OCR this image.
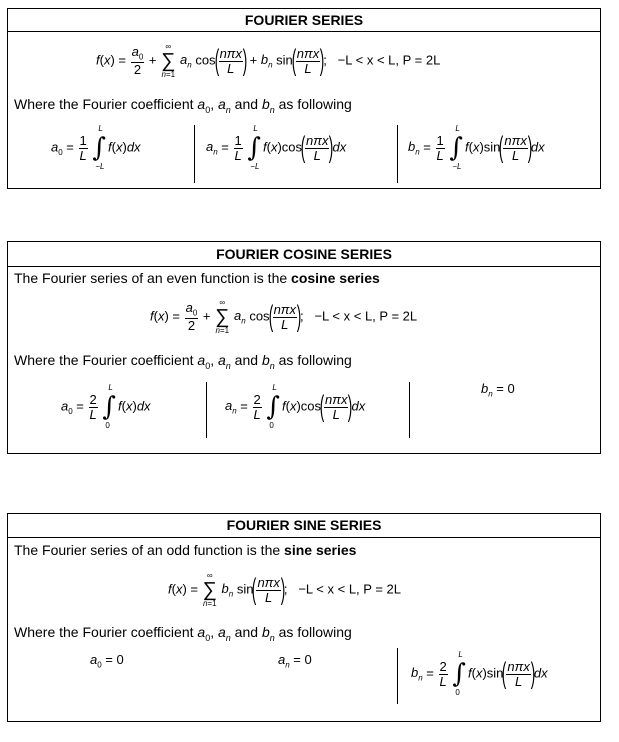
FOURIER SERIES
$f(x) = \frac{a_0}{2}$ +
∞
∑
n=1
$a_n$ $\cos( \frac{\text{nπx}}{L}$ ) + $b_n$ $\sin( \frac{\text{nπx}}{L}$ );   −L < x < L, P = 2L
Where the Fourier coefficient $a_0$, $a_n$ and $b_n$ as following
$a_0 = \frac{1}{L}$
∫
L
−L
f(x)dx	$a_n = \frac{1}{L}$
∫
L
−L
$f(x)\cos( \frac{\text{nπx}}{L} )dx$	$b_n = \frac{1}{L}$
∫
L
−L
$f(x)\sin( \frac{\text{nπx}}{L} )dx$
FOURIER COSINE SERIES
The Fourier series of an even function is the cosine series
$f(x) = \frac{a_0}{2}$ +
∞
∑
n=1
$a_n$ $\cos( \frac{\text{nπx}}{L}$ );   −L < x < L, P = 2L
Where the Fourier coefficient $a_0$, $a_n$ and $b_n$ as following
$a_0 = \frac{2}{L}$
∫
L
0
f(x)dx	$a_n = \frac{2}{L}$
∫
L
0
$f(x)\cos( \frac{\text{nπx}}{L} )dx$
$b_n = 0$
FOURIER SINE SERIES
The Fourier series of an odd function is the sine series
f(x) =
∞
∑
n=1
$b_n$ $\sin( \frac{\text{nπx}}{L}$ );   −L < x < L, P = 2L
Where the Fourier coefficient $a_0$, $a_n$ and $b_n$ as following
$a_0 = 0$	$a_n = 0$
$b_n = \frac{2}{L}$
∫
L
0
$f(x)\sin( \frac{\text{nπx}}{L} )dx$
